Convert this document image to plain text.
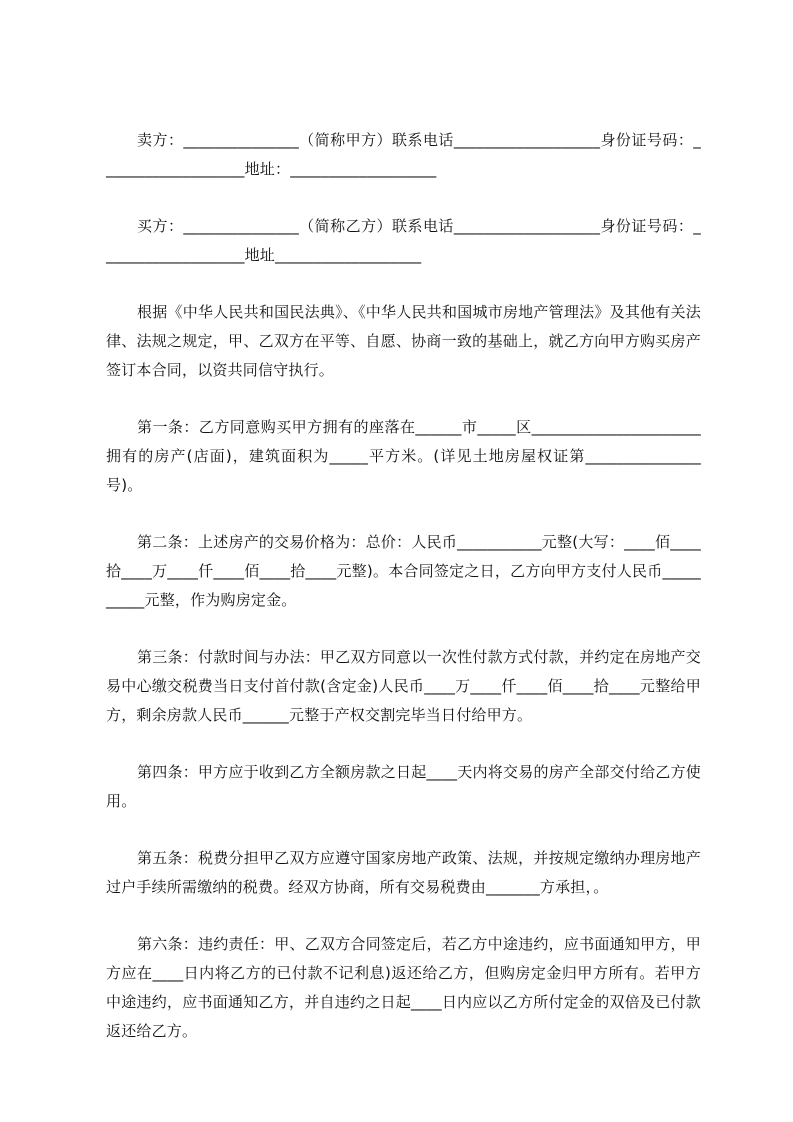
卖方：_______________（简称甲方）联系电话___________________身份证号码：___________________地址：___________________

买方：_______________（简称乙方）联系电话___________________身份证号码：___________________地址___________________

根据《中华人民共和国民法典》、《中华人民共和国城市房地产管理法》及其他有关法律、法规之规定，甲、乙双方在平等、自愿、协商一致的基础上，就乙方向甲方购买房产签订本合同，以资共同信守执行。

第一条：乙方同意购买甲方拥有的座落在______市_____区______________________拥有的房产(店面)，建筑面积为_____平方米。(详见土地房屋权证第_______________号)。

第二条：上述房产的交易价格为：总价：人民币___________元整(大写：____佰____拾____万____仟____佰____拾____元整)。本合同签定之日，乙方向甲方支付人民币__________元整，作为购房定金。

第三条：付款时间与办法：甲乙双方同意以一次性付款方式付款，并约定在房地产交易中心缴交税费当日支付首付款(含定金)人民币____万____仟____佰____拾____元整给甲方，剩余房款人民币______元整于产权交割完毕当日付给甲方。

第四条：甲方应于收到乙方全额房款之日起____天内将交易的房产全部交付给乙方使用。

第五条：税费分担甲乙双方应遵守国家房地产政策、法规，并按规定缴纳办理房地产过户手续所需缴纳的税费。经双方协商，所有交易税费由_______方承担，。

第六条：违约责任：甲、乙双方合同签定后，若乙方中途违约，应书面通知甲方，甲方应在____日内将乙方的已付款不记利息)返还给乙方，但购房定金归甲方所有。若甲方中途违约，应书面通知乙方，并自违约之日起____日内应以乙方所付定金的双倍及已付款返还给乙方。
